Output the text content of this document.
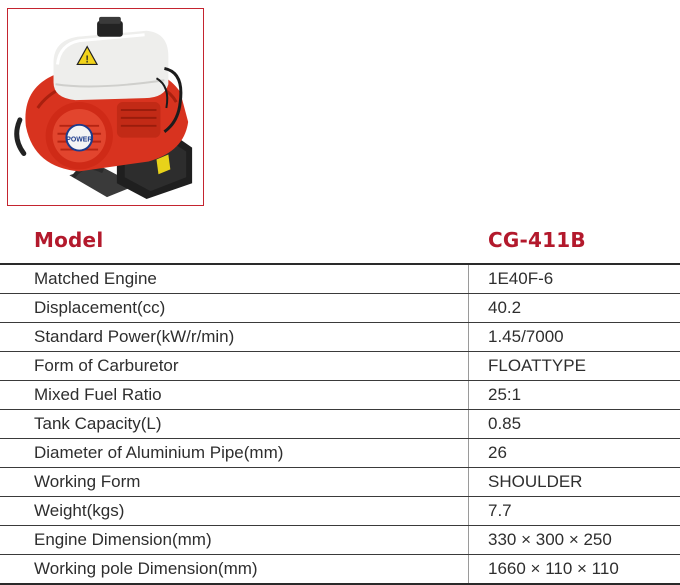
POWER
!
Model	CG-411B
Matched Engine	1E40F-6
Displacement(cc)	40.2
Standard Power(kW/r/min)	1.45/7000
Form of Carburetor	FLOATTYPE
Mixed Fuel Ratio	25:1
Tank Capacity(L)	0.85
Diameter of Aluminium Pipe(mm)	26
Working Form	SHOULDER
Weight(kgs)	7.7
Engine Dimension(mm)	330 × 300 × 250
Working pole Dimension(mm)	1660 × 110 × 110
